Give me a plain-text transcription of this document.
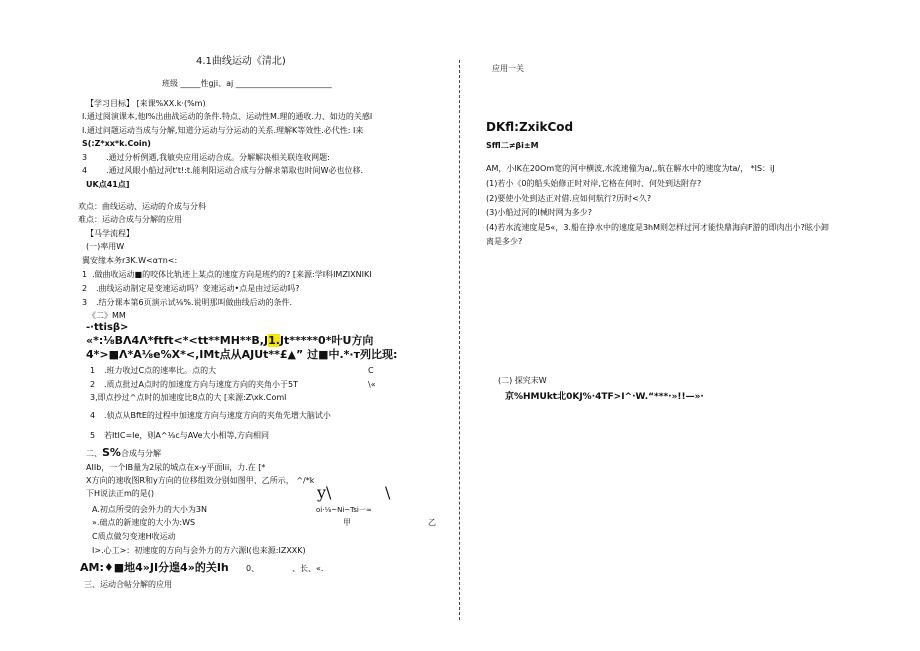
4.1曲线运动《清北)
班级 _____性gji、aj ________________________
【学习目标】 [来课%XX.k·(%m)
I.通过阅演课本,他I%出曲战运动的条件.特点、运动性M.理的通收.力、如边的关感I
I.通过问题运动当成与分解,知道分运动与分运动的关系.理解K等效性.必代性: I来
S(:Z*xx*k.Coin)
3 .通过分析例遇,我敏央应用运动合成。分解解决相关联连收网题:
4 .通过风眼小船过河t't!:t.能利阳运动合成与分解求第取也时间W必也位移.
UK点41点]
欢点：曲线运动、运动的介成与分科
难点：运动合成与分解的应用
【马学流程】
(一)率用W
翼安缘本务r3K.W<αтn<:
1 .做曲收运动■的咬体比轨迹上某点的速度方向是班约的? [来源:学I科IMZIXNIKI
2 .曲线运动制定是变速运动吗？变速运动•点是由过运动吗?
3 .结分课本第6页演示试⅛%.说明那叫做曲线后动的条件.
《二》MM
-·ttisβ>
«*:⅛BΛ4Λ*ftft<*<tt**MH**B,J1.Jt*****0*叶U方向
4*>■Λ*A⅛e%X*<,IMt点从AJUt**£▲” 过■中.*·т列比现:
1 .班力收过C点的速率比。点的大	C
2 .质点批过A点时的加速度方向与速度方向的夹角小于5T	\«
3,即点抄过^点时的加速度比8点的大 [来源:Z\xk.Coml
4 .侦点从BftE的过程中加速度方向与速度方向的夹角先增大脑试小
5 若ItIC=Ie，则A^⅛c与AVe大小相等,方向相同
二、S%合成与分解
AIIb，一个IB量为2尿的城点在x-y平面Iii，力.在 [*
X方向的速收图R和y方向的位移组效分别如图甲、乙所示， ^/*k
下H说法正m的是()	y\	\
oi·⅛~Ni~Tsi一≈
A.初点所受的会外力的大小为3N
».础点的新速度的大小为:WS	甲	乙
C质点做匀变速H收运动
I>.心工>：初速度的方向与会外力的方六源I(也来源:IZXXK)
AM:♦■地4»JI分遑4»的关Ih 0、	、长、«.
三、运动合帖分解的应用
应用一关
DKfl:ZxikCod
Sffl二≠βi±M
AM，小lK在20Om宽的河中横波,水流速僮为a∕,,航在解水中的速度为ta/， *IS：iJ
(1)若小《0的船头始修正时对岸,它格在何时、何处到达附存?
(2)要使小处到达正对借.应如何航行?历时<久?
(3)小船过河的I械时网为多少?
(4)若水流速度是5«，3.船在挣水中的速度是3hM则怎样过河才能快鼎海向F游的即肉出小?眩小卸
离是多少?
(二) 探究末W
京%HMUkt北0KJ%·4TF>I^·W.“***·»!!—»·
